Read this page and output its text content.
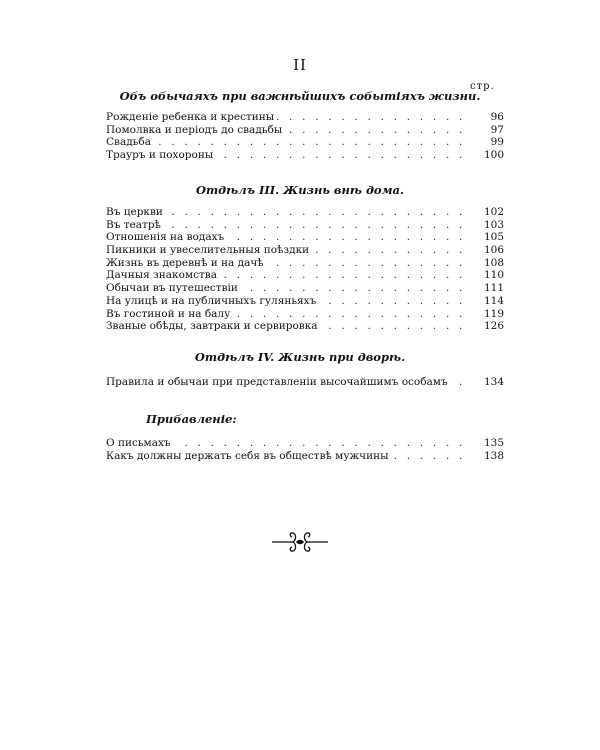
II
стр.
Объ обычаяхъ при важнѣйшихъ событіяхъ жизни.
. . .
Рожденіе ребенка и крестины	96
. . .
Помолвка и періодъ до свадьбы	97
. . .
Свадьба	99
. . .
Трауръ и похороны	100
Отдѣлъ III. Жизнь внѣ дома.
. . .
Въ церкви	102
. . .
Въ театрѣ	103
. . .
Отношенія на водахъ	105
. . .
Пикники и увеселительныя поѣздки	106
. . .
Жизнь въ деревнѣ и на дачѣ	108
. . .
Дачныя знакомства	110
. . .
Обычаи въ путешествіи	111
. . .
На улицѣ и на публичныхъ гуляньяхъ	114
. . .
Въ гостиной и на балу	119
. . .
Званые обѣды, завтраки и сервировка	126
Отдѣлъ IV. Жизнь при дворѣ.
. . .
Правила и обычаи при представленіи высочайшимъ особамъ	134
Прибавленіе:
. . .
О письмахъ	135
. . .
Какъ должны держать себя въ обществѣ мужчины	138
